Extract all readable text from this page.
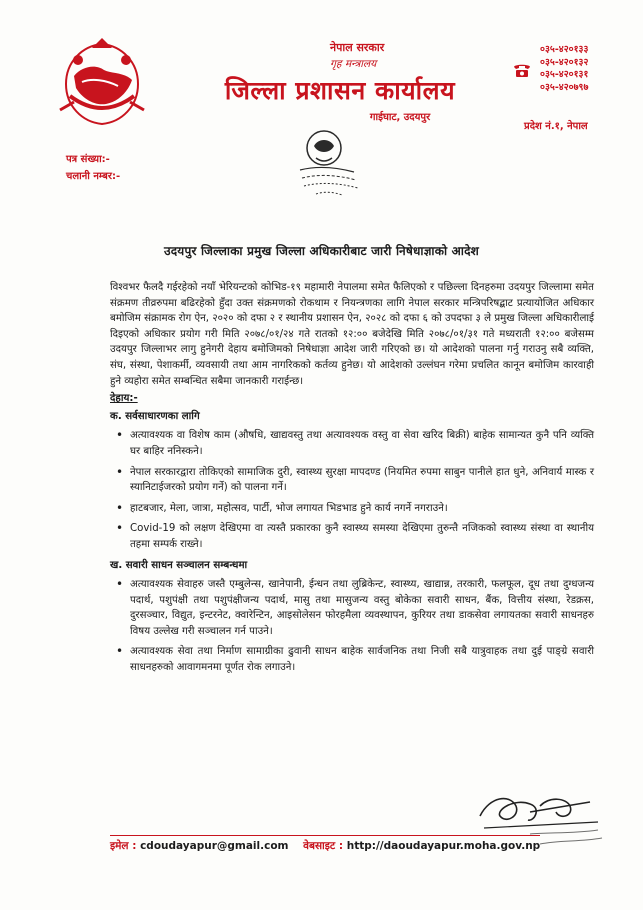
नेपाल सरकार
गृह मन्त्रालय
जिल्ला प्रशासन कार्यालय
गाईघाट, उदयपुर
०३५-४२०१३३
०३५-४२०१३२
०३५-४२०१३१
०३५-४२०७९७
प्रदेश नं.१, नेपाल
पत्र संख्या:-
चलानी नम्बर:-
उदयपुर जिल्लाका प्रमुख जिल्ला अधिकारीबाट जारी निषेधाज्ञाको आदेश

विश्वभर फैलदै गईरहेको नयाँ भेरियन्टको कोभिड-१९ महामारी नेपालमा समेत फैलिएको र पछिल्ला दिनहरुमा उदयपुर जिल्लामा समेत संक्रमण तीव्ररुपमा बढिरहेको हुँदा उक्त संक्रमणको रोकथाम र नियन्त्रणका लागि नेपाल सरकार मन्त्रिपरिषद्बाट प्रत्यायोजित अधिकार बमोजिम संक्रामक रोग ऐन, २०२० को दफा २ र स्थानीय प्रशासन ऐन, २०२८ को दफा ६ को उपदफा ३ ले प्रमुख जिल्ला अधिकारीलाई दिइएको अधिकार प्रयोग गरी मिति २०७८/०१/२४ गते रातको १२:०० बजेदेखि मिति २०७८/०१/३१ गते मध्यराती १२:०० बजेसम्म उदयपुर जिल्लाभर लागु हुनेगरी देहाय बमोजिमको निषेधाज्ञा आदेश जारी गरिएको छ। यो आदेशको पालना गर्नु गराउनु सबै व्यक्ति, संघ, संस्था, पेशाकर्मी, व्यवसायी तथा आम नागरिकको कर्तव्य हुनेछ। यो आदेशको उल्लंघन गरेमा प्रचलित कानून बमोजिम कारवाही हुने व्यहोरा समेत सम्बन्धित सबैमा जानकारी गराईन्छ।

देहाय:-
क. सर्वसाधारणका लागि
• अत्यावश्यक वा विशेष काम (औषधि, खाद्यवस्तु तथा अत्यावश्यक वस्तु वा सेवा खरिद बिक्री) बाहेक सामान्यत कुनै पनि व्यक्ति घर बाहिर ननिस्कने।
• नेपाल सरकारद्वारा तोकिएको सामाजिक दुरी, स्वास्थ्य सुरक्षा मापदण्ड (नियमित रुपमा साबुन पानीले हात धुने, अनिवार्य मास्क र स्यानिटाईजरको प्रयोग गर्ने) को पालना गर्ने।
• हाटबजार, मेला, जात्रा, महोत्सव, पार्टी, भोज लगायत भिडभाड हुने कार्य नगर्ने नगराउने।
• Covid-19 को लक्षण देखिएमा वा त्यस्तै प्रकारका कुनै स्वास्थ्य समस्या देखिएमा तुरुन्तै नजिकको स्वास्थ्य संस्था वा स्थानीय तहमा सम्पर्क राख्ने।
ख. सवारी साधन सञ्चालन सम्बन्धमा
• अत्यावश्यक सेवाहरु जस्तै एम्बुलेन्स, खानेपानी, ईन्धन तथा लुब्रिकेन्ट, स्वास्थ्य, खाद्यान्न, तरकारी, फलफूल, दूध तथा दुग्धजन्य पदार्थ, पशुपंक्षी तथा पशुपंक्षीजन्य पदार्थ, मासु तथा मासुजन्य वस्तु बोकेका सवारी साधन, बैंक, वित्तीय संस्था, रेडक्रस, दुरसञ्चार, विद्युत, इन्टरनेट, क्वारेन्टिन, आइसोलेसन फोरहमैला व्यवस्थापन, कुरियर तथा डाकसेवा लगायतका सवारी साधनहरु विषय उल्लेख गरी सञ्चालन गर्न पाउने।
• अत्यावश्यक सेवा तथा निर्माण सामाग्रीका ढुवानी साधन बाहेक सार्वजनिक तथा निजी सबै यात्रुवाहक तथा दुई पाङ्ग्रे सवारी साधनहरुको आवागमनमा पूर्णत रोक लगाउने।
इमेल : cdoudayapur@gmail.com वेबसाइट : http://daoudayapur.moha.gov.np
